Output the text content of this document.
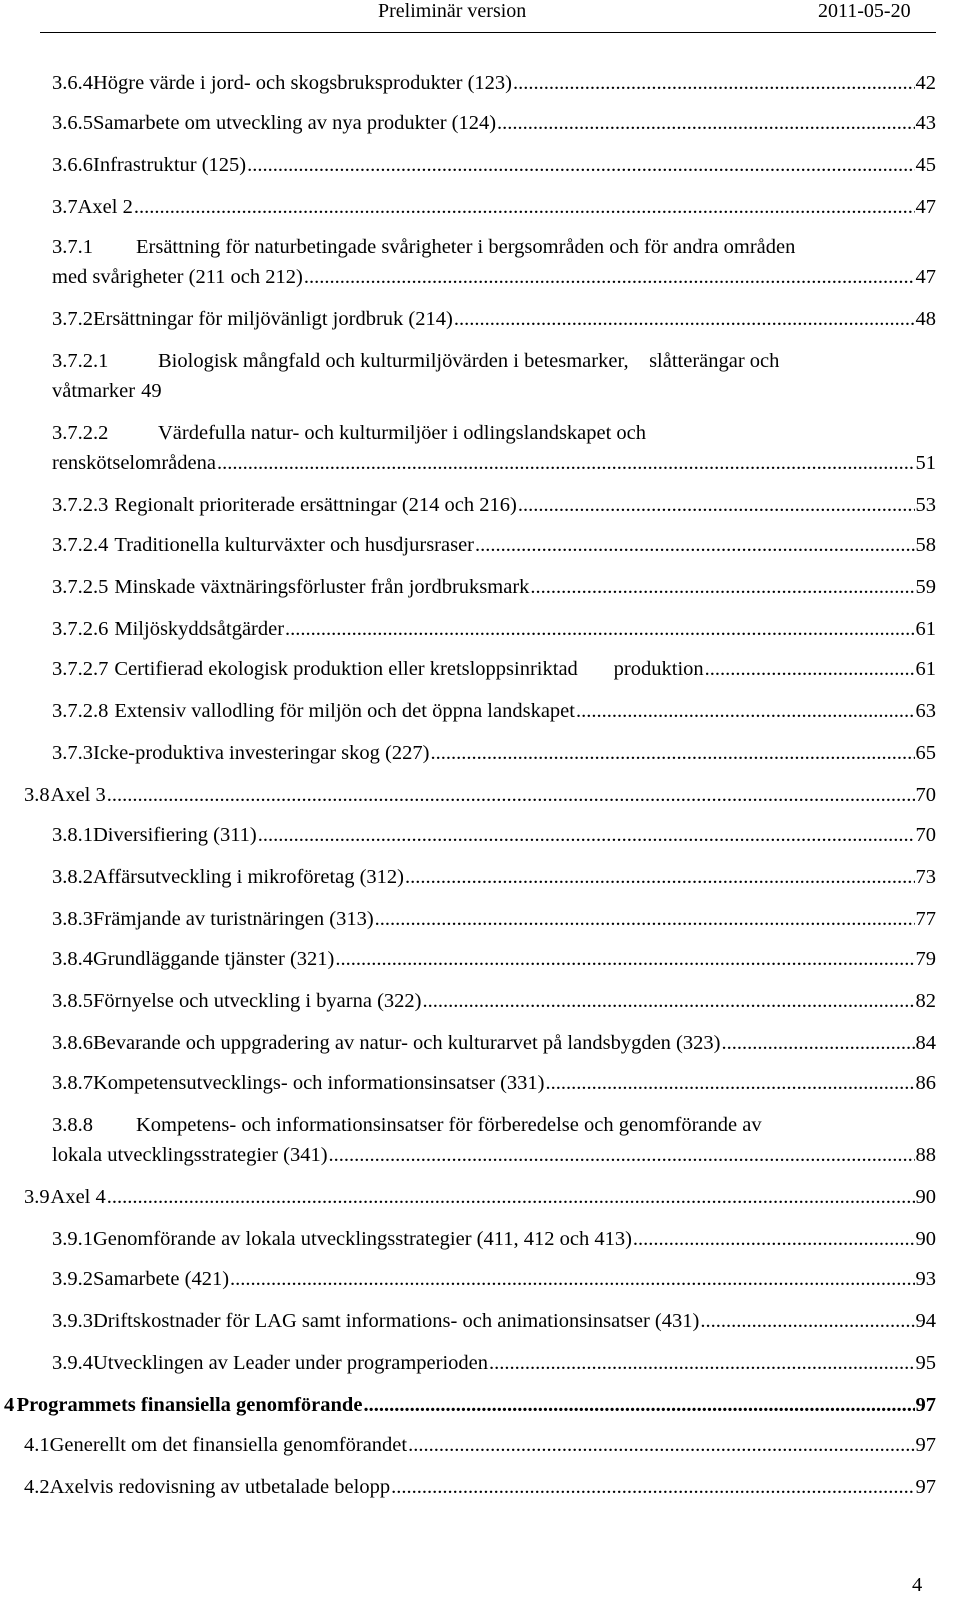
Preliminär version	2011-05-20
3.6.4 Högre värde i jord- och skogsbruksprodukter (123) .....	42
3.6.5 Samarbete om utveckling av nya produkter (124) .....	43
3.6.6 Infrastruktur (125) .....	45
3.7 Axel 2 .....	47
3.7.1	Ersättning för naturbetingade svårigheter i bergsområden och för andra områden
med svårigheter (211 och 212) .....	47
3.7.2 Ersättningar för miljövänligt jordbruk (214) .....	48
3.7.2.1	Biologisk mångfald och kulturmiljövärden i betesmarker,    slåtterängar och
våtmarker 49
3.7.2.2	Värdefulla natur- och kulturmiljöer i odlingslandskapet och
renskötselområdena .....	51
3.7.2.3 Regionalt prioriterade ersättningar (214 och 216) .....	53
3.7.2.4 Traditionella kulturväxter och husdjursraser .....	58
3.7.2.5 Minskade växtnäringsförluster från jordbruksmark .....	59
3.7.2.6 Miljöskyddsåtgärder .....	61
3.7.2.7 Certifierad ekologisk produktion eller kretsloppsinriktad       produktion .....	61
3.7.2.8 Extensiv vallodling för miljön och det öppna landskapet .....	63
3.7.3 Icke-produktiva investeringar skog (227) .....	65
3.8 Axel 3 .....	70
3.8.1 Diversifiering (311) .....	70
3.8.2 Affärsutveckling i mikroföretag (312) .....	73
3.8.3 Främjande av turistnäringen (313) .....	77
3.8.4 Grundläggande tjänster (321) .....	79
3.8.5 Förnyelse och utveckling i byarna (322) .....	82
3.8.6 Bevarande och uppgradering av natur- och kulturarvet på landsbygden (323) .....	84
3.8.7 Kompetensutvecklings- och informationsinsatser (331) .....	86
3.8.8	Kompetens- och informationsinsatser för förberedelse och genomförande av
lokala utvecklingsstrategier (341) .....	88
3.9 Axel 4 .....	90
3.9.1 Genomförande av lokala utvecklingsstrategier (411, 412 och 413) .....	90
3.9.2 Samarbete (421) .....	93
3.9.3 Driftskostnader för LAG samt informations- och animationsinsatser (431) .....	94
3.9.4 Utvecklingen av Leader under programperioden .....	95
4 Programmets finansiella genomförande .....	97
4.1 Generellt om det finansiella genomförandet .....	97
4.2 Axelvis redovisning av utbetalade belopp .....	97
4
